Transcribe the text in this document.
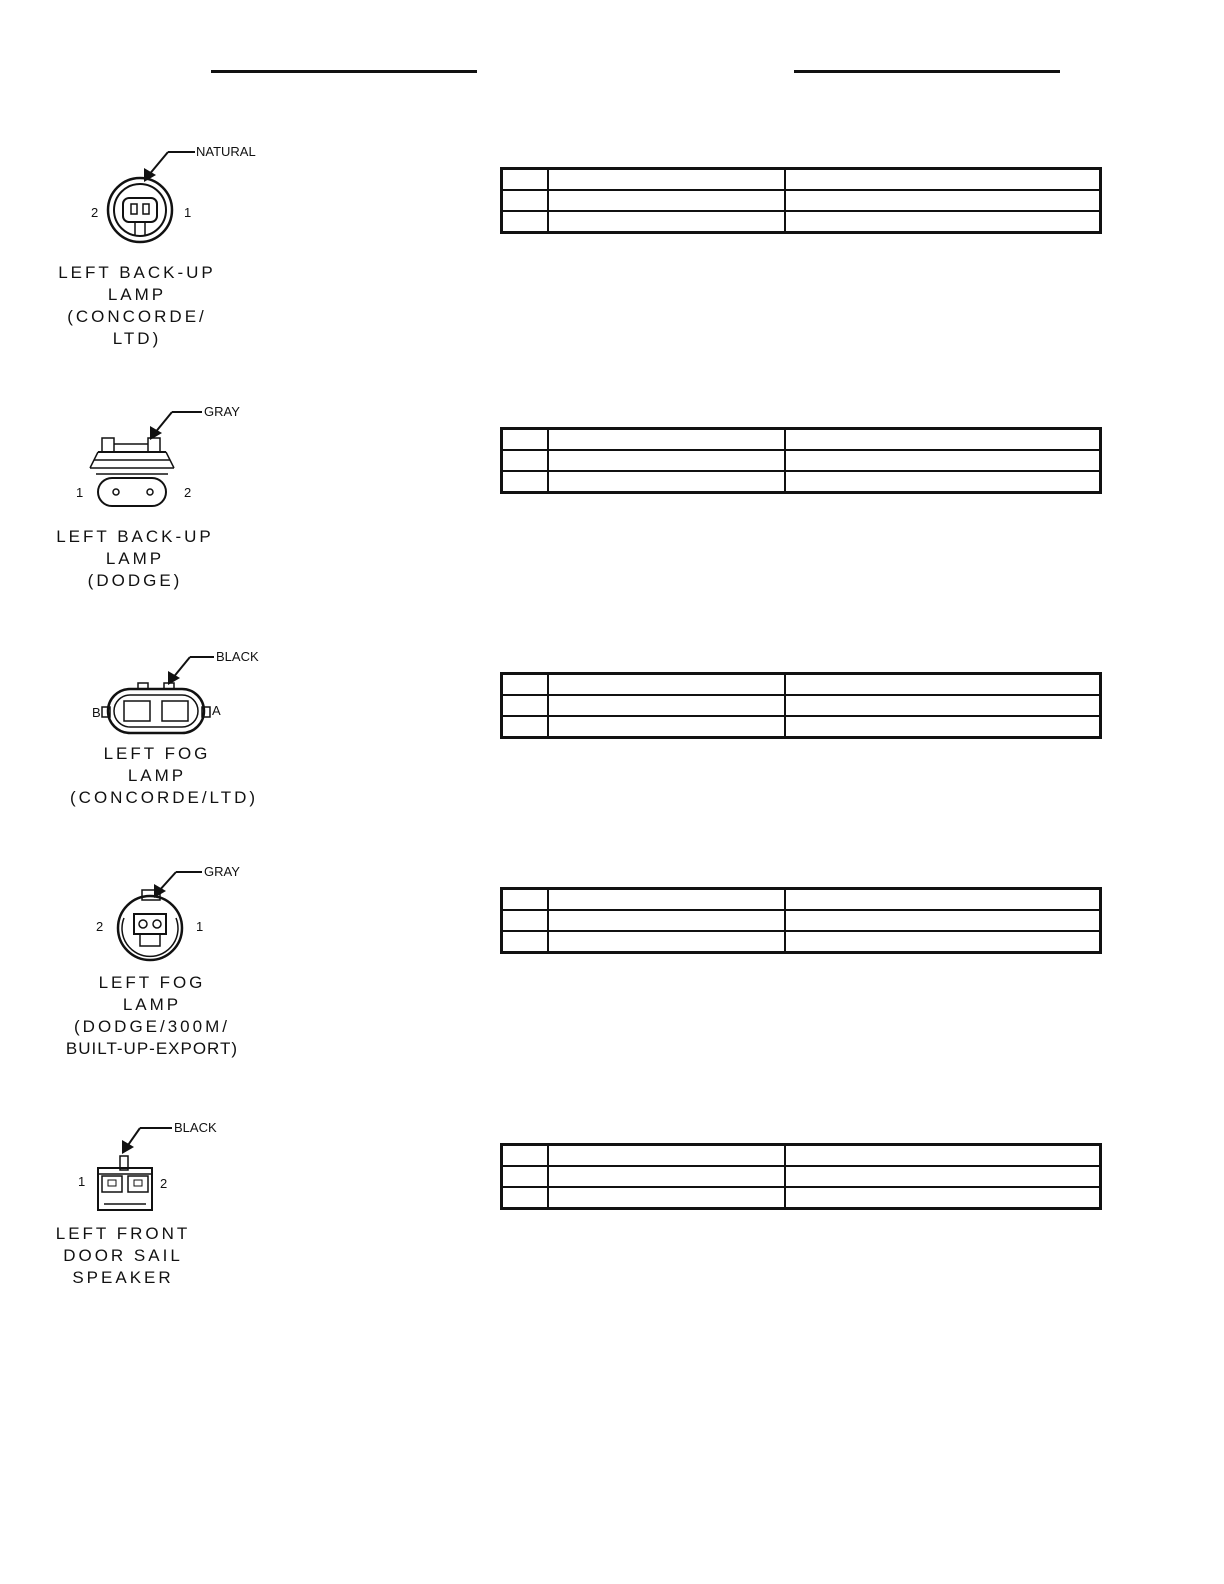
NATURAL
2	1
LEFT BACK-UP
LAMP
(CONCORDE/
LTD)

GRAY
1	2
LEFT BACK-UP
LAMP
(DODGE)

BLACK
B	A
LEFT FOG
LAMP
(CONCORDE/LTD)

GRAY
2	1
LEFT FOG
LAMP
(DODGE/300M/
BUILT-UP-EXPORT)

BLACK
1	2
LEFT FRONT
DOOR SAIL
SPEAKER
